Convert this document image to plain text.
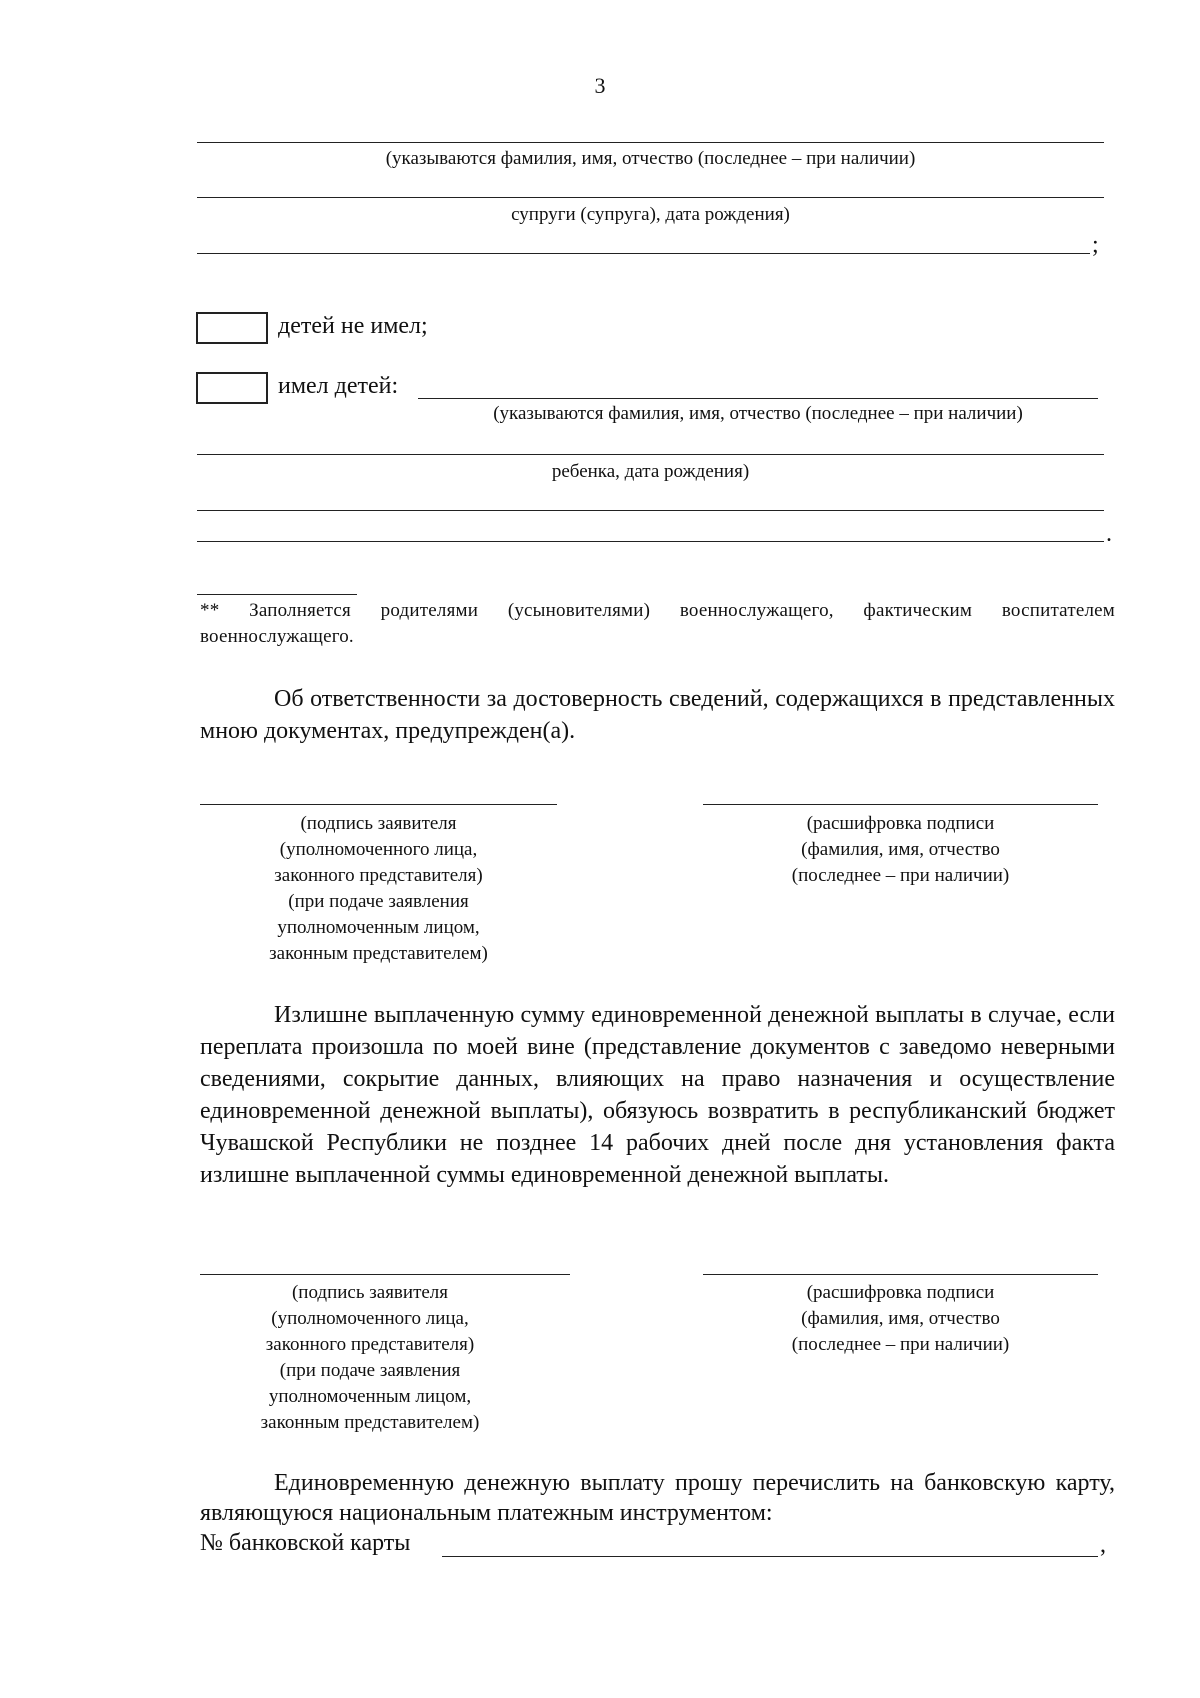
3
(указываются фамилия, имя, отчество (последнее – при наличии)
супруги (супруга), дата рождения)
;
детей не имел;
имел детей:
(указываются фамилия, имя, отчество (последнее – при наличии)
ребенка, дата рождения)
.
** Заполняется родителями (усыновителями) военнослужащего, фактическим воспитателем военнослужащего.
Об ответственности за достоверность сведений, содержащихся в представленных мною документах, предупрежден(а).
(подпись заявителя
(уполномоченного лица,
законного представителя)
(при подаче заявления
уполномоченным лицом,
законным представителем)
(расшифровка подписи
(фамилия, имя, отчество
(последнее – при наличии)
Излишне выплаченную сумму единовременной денежной выплаты в случае, если переплата произошла по моей вине (представление документов с заведомо неверными сведениями, сокрытие данных, влияющих на право назначения и осуществление единовременной денежной выплаты), обязуюсь возвратить в республиканский бюджет Чувашской Республики не позднее 14 рабочих дней после дня установления факта излишне выплаченной суммы единовременной денежной выплаты.
(подпись заявителя
(уполномоченного лица,
законного представителя)
(при подаче заявления
уполномоченным лицом,
законным представителем)
(расшифровка подписи
(фамилия, имя, отчество
(последнее – при наличии)
Единовременную денежную выплату прошу перечислить на банковскую карту, являющуюся национальным платежным инструментом:
№ банковской карты	,
